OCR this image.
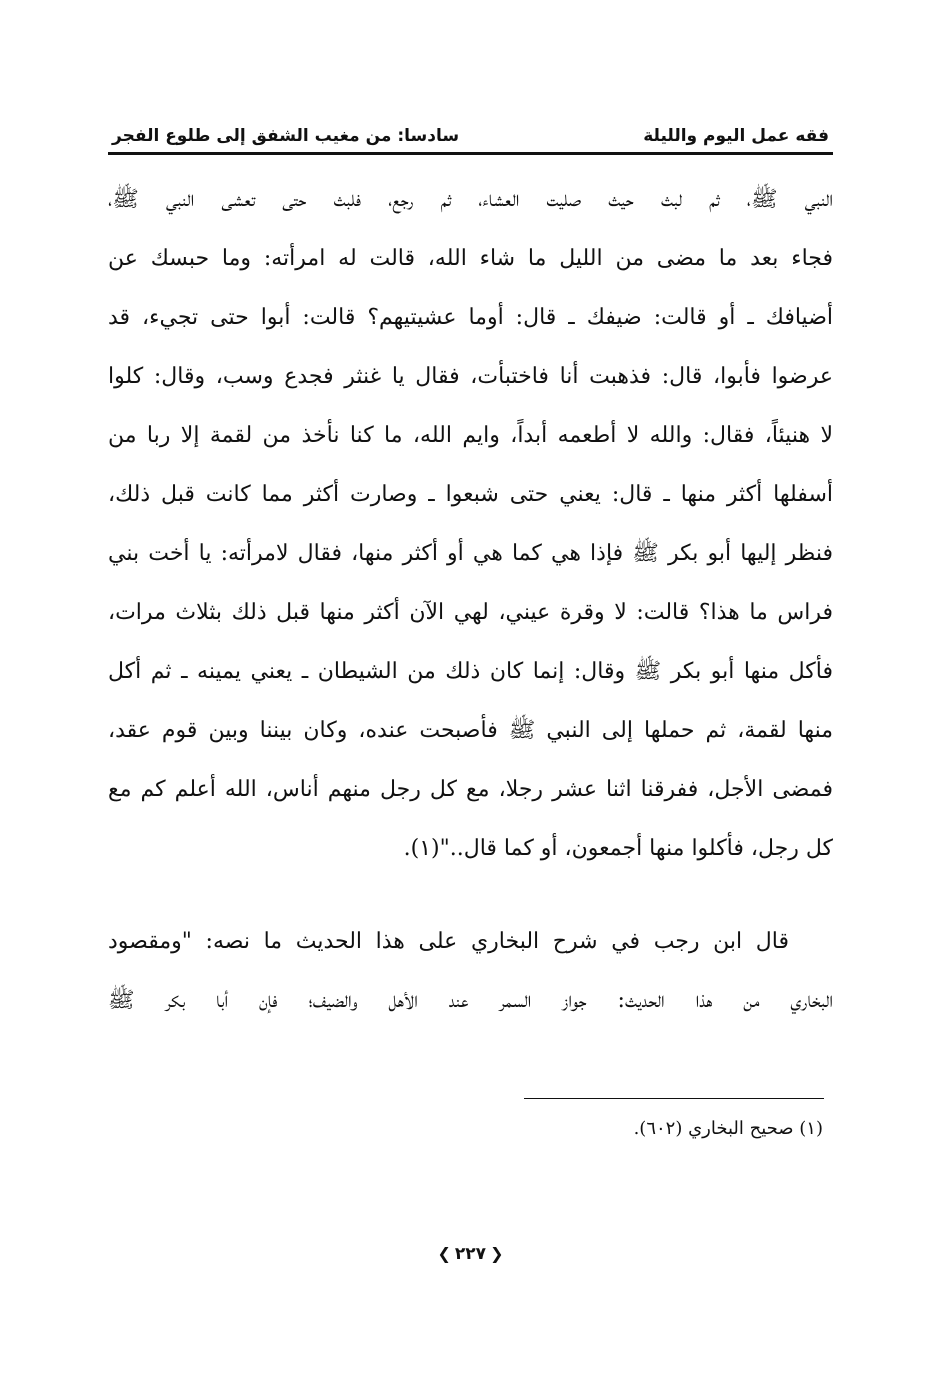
فقه عمل اليوم والليلة
سادسا: من مغيب الشفق إلى طلوع الفجر
النبي ﷺ، ثم لبث حيث صليت العشاء، ثم رجع، فلبث حتى تعشى النبي ﷺ،
فجاء بعد ما مضى من الليل ما شاء الله، قالت له امرأته: وما حبسك عن
أضيافك ـ أو قالت: ضيفك ـ قال: أوما عشيتيهم؟ قالت: أبوا حتى تجيء، قد
عرضوا فأبوا، قال: فذهبت أنا فاختبأت، فقال يا غنثر فجدع وسب، وقال: كلوا
لا هنيئاً، فقال: والله لا أطعمه أبداً، وايم الله، ما كنا نأخذ من لقمة إلا ربا من
أسفلها أكثر منها ـ قال: يعني حتى شبعوا ـ وصارت أكثر مما كانت قبل ذلك،
فنظر إليها أبو بكر ﷺ فإذا هي كما هي أو أكثر منها، فقال لامرأته: يا أخت بني
فراس ما هذا؟ قالت: لا وقرة عيني، لهي الآن أكثر منها قبل ذلك بثلاث مرات،
فأكل منها أبو بكر ﷺ وقال: إنما كان ذلك من الشيطان ـ يعني يمينه ـ ثم أكل
منها لقمة، ثم حملها إلى النبي ﷺ فأصبحت عنده، وكان بيننا وبين قوم عقد،
فمضى الأجل، ففرقنا اثنا عشر رجلا، مع كل رجل منهم أناس، الله أعلم كم مع
كل رجل، فأكلوا منها أجمعون، أو كما قال.."(١).
قال ابن رجب في شرح البخاري على هذا الحديث ما نصه: "ومقصود
البخاري من هذا الحديث: جواز السمر عند الأهل والضيف؛ فإن أبا بكر ﷺ
(١) صحيح البخاري (٦٠٢).
❮٢٢٧❯
